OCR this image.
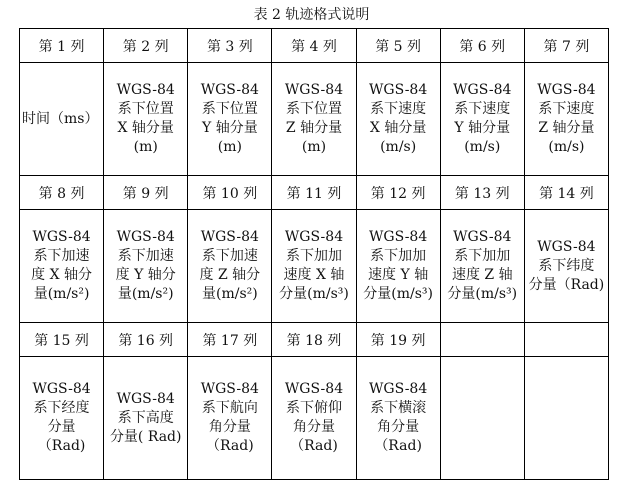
表 2 轨迹格式说明
第 1 列	第 2 列	第 3 列	第 4 列	第 5 列	第 6 列	第 7 列

时间（ms）	WGS-84
系下位置
X 轴分量
(m)	WGS-84
系下位置
Y 轴分量
(m)	WGS-84
系下位置
Z 轴分量
(m)	WGS-84
系下速度
X 轴分量
(m/s)	WGS-84
系下速度
Y 轴分量
(m/s)	WGS-84
系下速度
Z 轴分量
(m/s)

第 8 列	第 9 列	第 10 列	第 11 列	第 12 列	第 13 列	第 14 列

WGS-84
系下加速
度 X 轴分
量(m/s²)	WGS-84
系下加速
度 Y 轴分
量(m/s²)	WGS-84
系下加速
度 Z 轴分
量(m/s²)	WGS-84
系下加加
速度 X 轴
分量(m/s³)	WGS-84
系下加加
速度 Y 轴
分量(m/s³)	WGS-84
系下加加
速度 Z 轴
分量(m/s³)	WGS-84
系下纬度
分量（Rad)

第 15 列	第 16 列	第 17 列	第 18 列	第 19 列		

WGS-84
系下经度
分量
（Rad)	WGS-84
系下高度
分量( Rad)	WGS-84
系下航向
角分量
（Rad)	WGS-84
系下俯仰
角分量
（Rad)	WGS-84
系下横滚
角分量
（Rad)		
